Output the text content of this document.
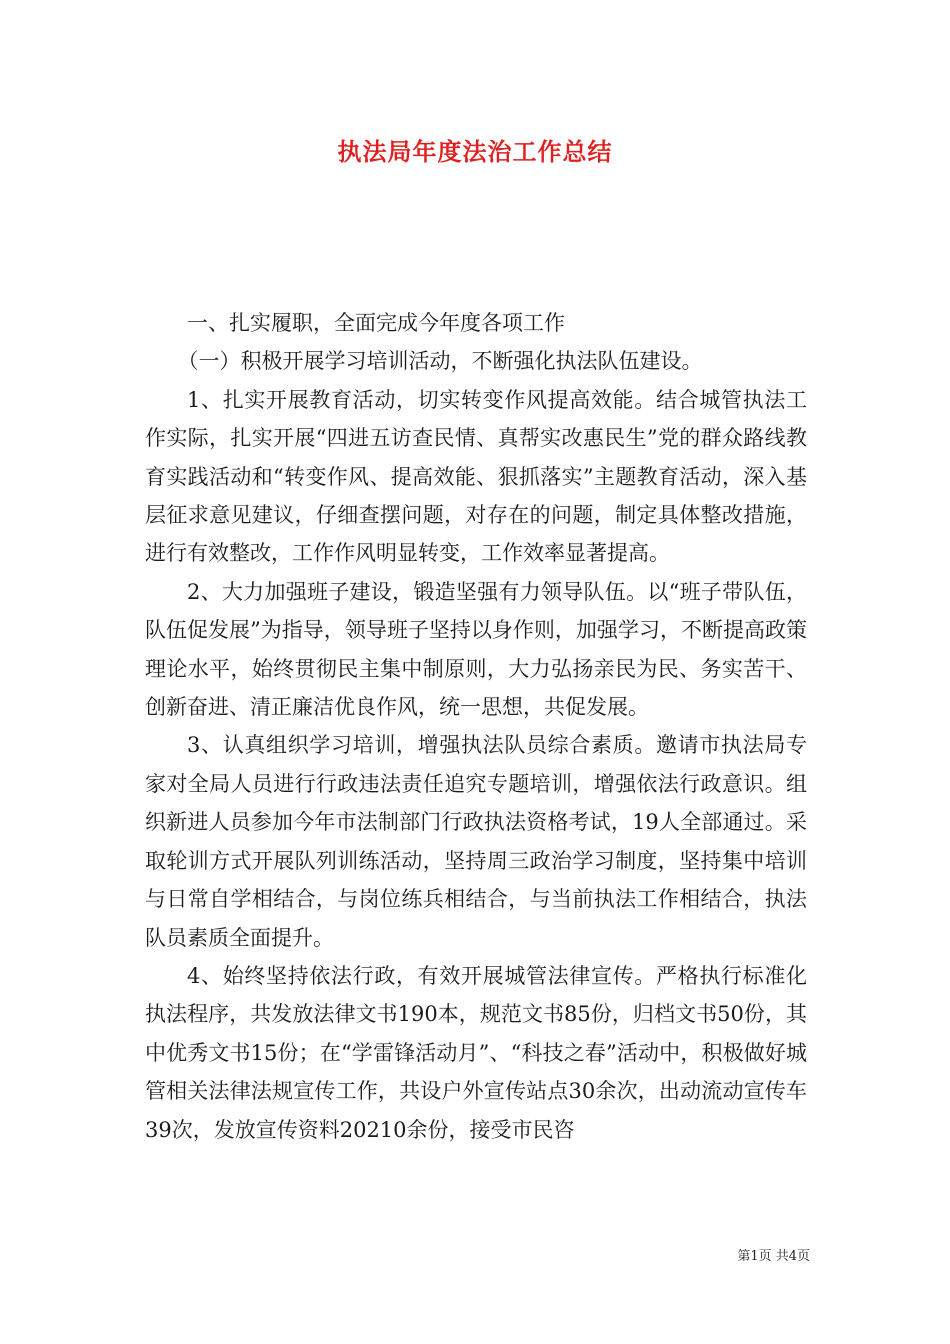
执法局年度法治工作总结

一、扎实履职，全面完成今年度各项工作

（一）积极开展学习培训活动，不断强化执法队伍建设。

1、扎实开展教育活动，切实转变作风提高效能。结合城管执法工作实际，扎实开展“四进五访查民情、真帮实改惠民生”党的群众路线教育实践活动和“转变作风、提高效能、狠抓落实”主题教育活动，深入基层征求意见建议，仔细查摆问题，对存在的问题，制定具体整改措施，进行有效整改，工作作风明显转变，工作效率显著提高。

2、大力加强班子建设，锻造坚强有力领导队伍。以“班子带队伍，队伍促发展”为指导，领导班子坚持以身作则，加强学习，不断提高政策理论水平，始终贯彻民主集中制原则，大力弘扬亲民为民、务实苦干、创新奋进、清正廉洁优良作风，统一思想，共促发展。

3、认真组织学习培训，增强执法队员综合素质。邀请市执法局专家对全局人员进行行政违法责任追究专题培训，增强依法行政意识。组织新进人员参加今年市法制部门行政执法资格考试，19人全部通过。采取轮训方式开展队列训练活动，坚持周三政治学习制度，坚持集中培训与日常自学相结合，与岗位练兵相结合，与当前执法工作相结合，执法队员素质全面提升。

4、始终坚持依法行政，有效开展城管法律宣传。严格执行标准化执法程序，共发放法律文书190本，规范文书85份，归档文书50份，其中优秀文书15份；在“学雷锋活动月”、“科技之春”活动中，积极做好城管相关法律法规宣传工作，共设户外宣传站点30余次，出动流动宣传车39次，发放宣传资料20210余份，接受市民咨

第1页 共4页
